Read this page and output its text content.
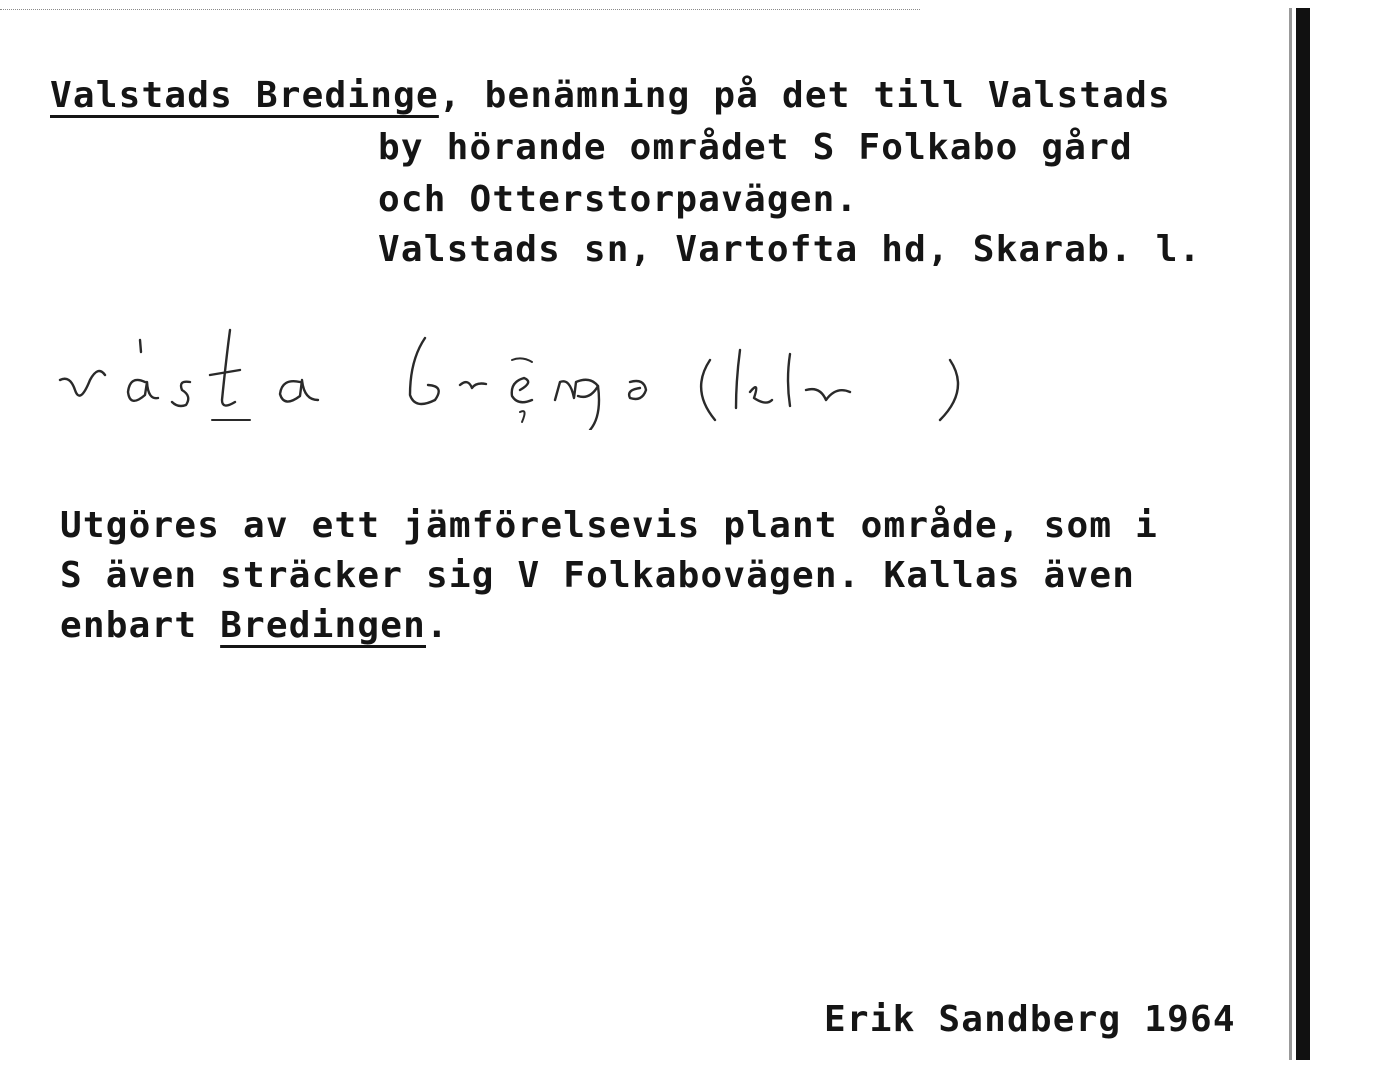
Valstads Bredinge, benämning på det till Valstads
by hörande området S Folkabo gård
och Otterstorpavägen.
Valstads sn, Vartofta hd, Skarab. l.
Utgöres av ett jämförelsevis plant område, som i
S även sträcker sig V Folkabovägen. Kallas även
enbart Bredingen.
Erik Sandberg 1964
